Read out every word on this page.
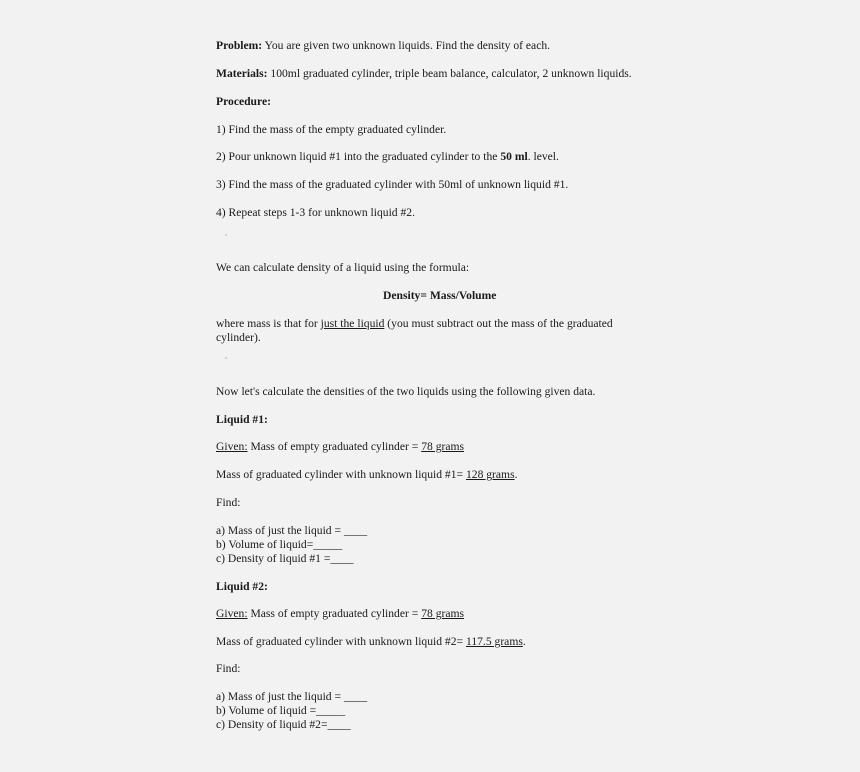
Problem: You are given two unknown liquids. Find the density of each.
Materials: 100ml graduated cylinder, triple beam balance, calculator, 2 unknown liquids.
Procedure:
1) Find the mass of the empty graduated cylinder.
2) Pour unknown liquid #1 into the graduated cylinder to the 50 ml. level.
3) Find the mass of the graduated cylinder with 50ml of unknown liquid #1.
4) Repeat steps 1-3 for unknown liquid #2.
We can calculate density of a liquid using the formula:
Density= Mass/Volume
where mass is that for just the liquid (you must subtract out the mass of the graduated
cylinder).
Now let's calculate the densities of the two liquids using the following given data.
Liquid #1:
Given: Mass of empty graduated cylinder = 78 grams
Mass of graduated cylinder with unknown liquid #1= 128 grams.
Find:
a) Mass of just the liquid = ____
b) Volume of liquid=_____
c) Density of liquid #1 =____
Liquid #2:
Given: Mass of empty graduated cylinder = 78 grams
Mass of graduated cylinder with unknown liquid #2= 117.5 grams.
Find:
a) Mass of just the liquid = ____
b) Volume of liquid =_____
c) Density of liquid #2=____
